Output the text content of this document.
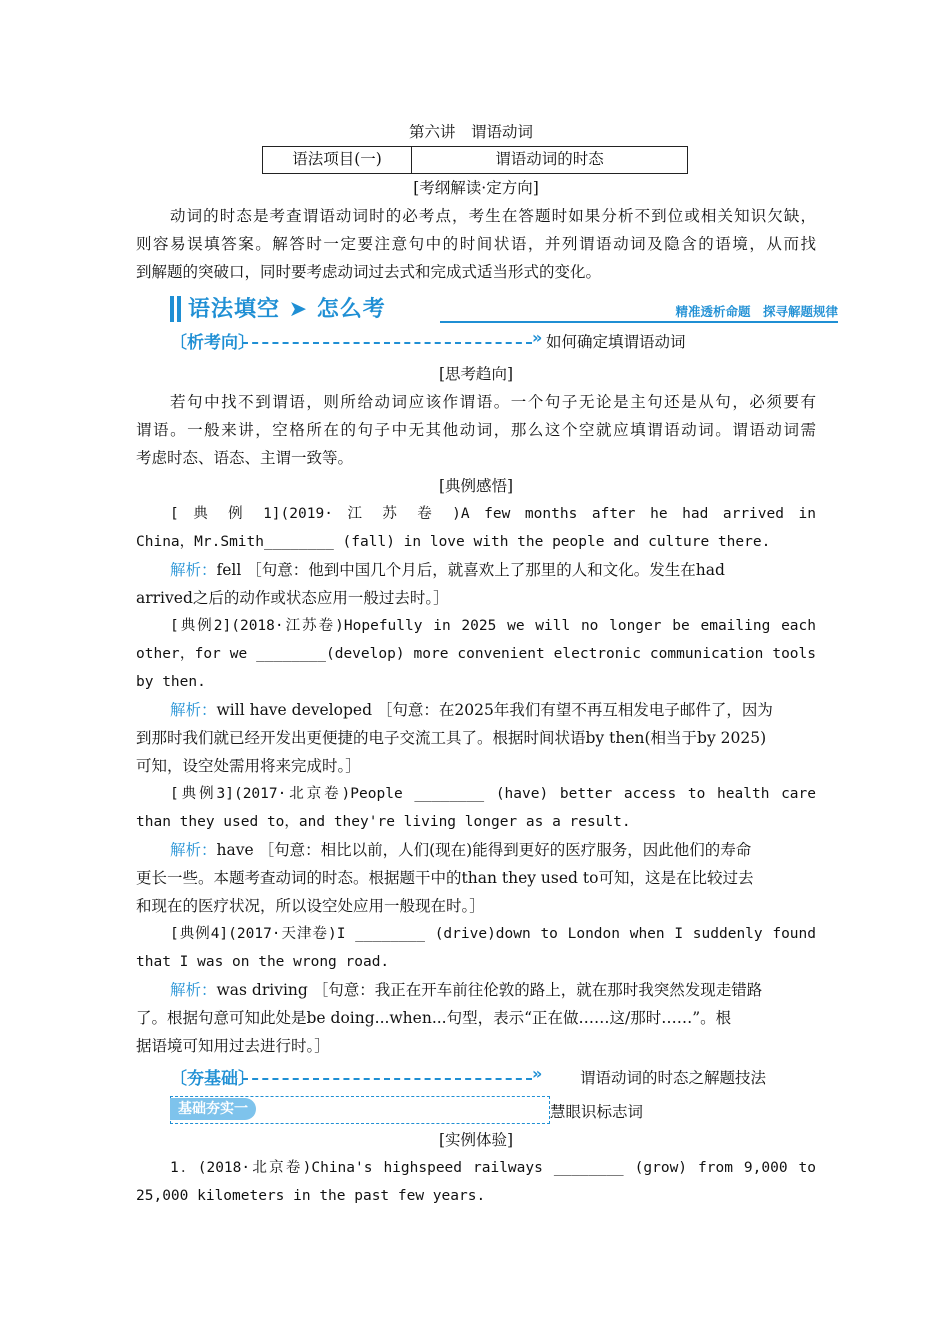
第六讲　谓语动词
语法项目(一)	谓语动词的时态
[考纲解读·定方向]
动词的时态是考查谓语动词时的必考点，考生在答题时如果分析不到位或相关知识欠缺，
则容易误填答案。解答时一定要注意句中的时间状语，并列谓语动词及隐含的语境，从而找
到解题的突破口，同时要考虑动词过去式和完成式适当形式的变化。
语法填空 ➤ 怎么考	精准透析命题　探寻解题规律
〔析考向〕	» 如何确定填谓语动词
[思考趋向]
若句中找不到谓语，则所给动词应该作谓语。一个句子无论是主句还是从句，必须要有
谓语。一般来讲，空格所在的句子中无其他动词，那么这个空就应填谓语动词。谓语动词需
考虑时态、语态、主谓一致等。
[典例感悟]
[ 典 例 1](2019· 江 苏 卷 )A few months after he had arrived in
China，Mr.Smith________ (fall) in love with the people and culture there.
解析：fell ［句意：他到中国几个月后，就喜欢上了那里的人和文化。发生在had
arrived之后的动作或状态应用一般过去时。］
[典例2](2018·江苏卷)Hopefully in 2025 we will no longer be emailing each
other，for we ________(develop) more convenient electronic communication tools
by then.
解析：will have developed ［句意：在2025年我们有望不再互相发电子邮件了，因为
到那时我们就已经开发出更便捷的电子交流工具了。根据时间状语by then(相当于by 2025)
可知，设空处需用将来完成时。］
[典例3](2017·北京卷)People ________ (have) better access to health care
than they used to，and they're living longer as a result.
解析：have ［句意：相比以前，人们(现在)能得到更好的医疗服务，因此他们的寿命
更长一些。本题考查动词的时态。根据题干中的than they used to可知，这是在比较过去
和现在的医疗状况，所以设空处应用一般现在时。］
[典例4](2017·天津卷)I ________ (drive)down to London when I suddenly found
that I was on the wrong road.
解析：was driving ［句意：我正在开车前往伦敦的路上，就在那时我突然发现走错路
了。根据句意可知此处是be doing...when...句型，表示“正在做……这/那时……”。根
据语境可知用过去进行时。］
〔夯基础〕	» 谓语动词的时态之解题技法
基础夯实一	慧眼识标志词
[实例体验]
1．(2018·北京卷)China's highspeed railways ________ (grow) from 9,000 to
25,000 kilometers in the past few years.
